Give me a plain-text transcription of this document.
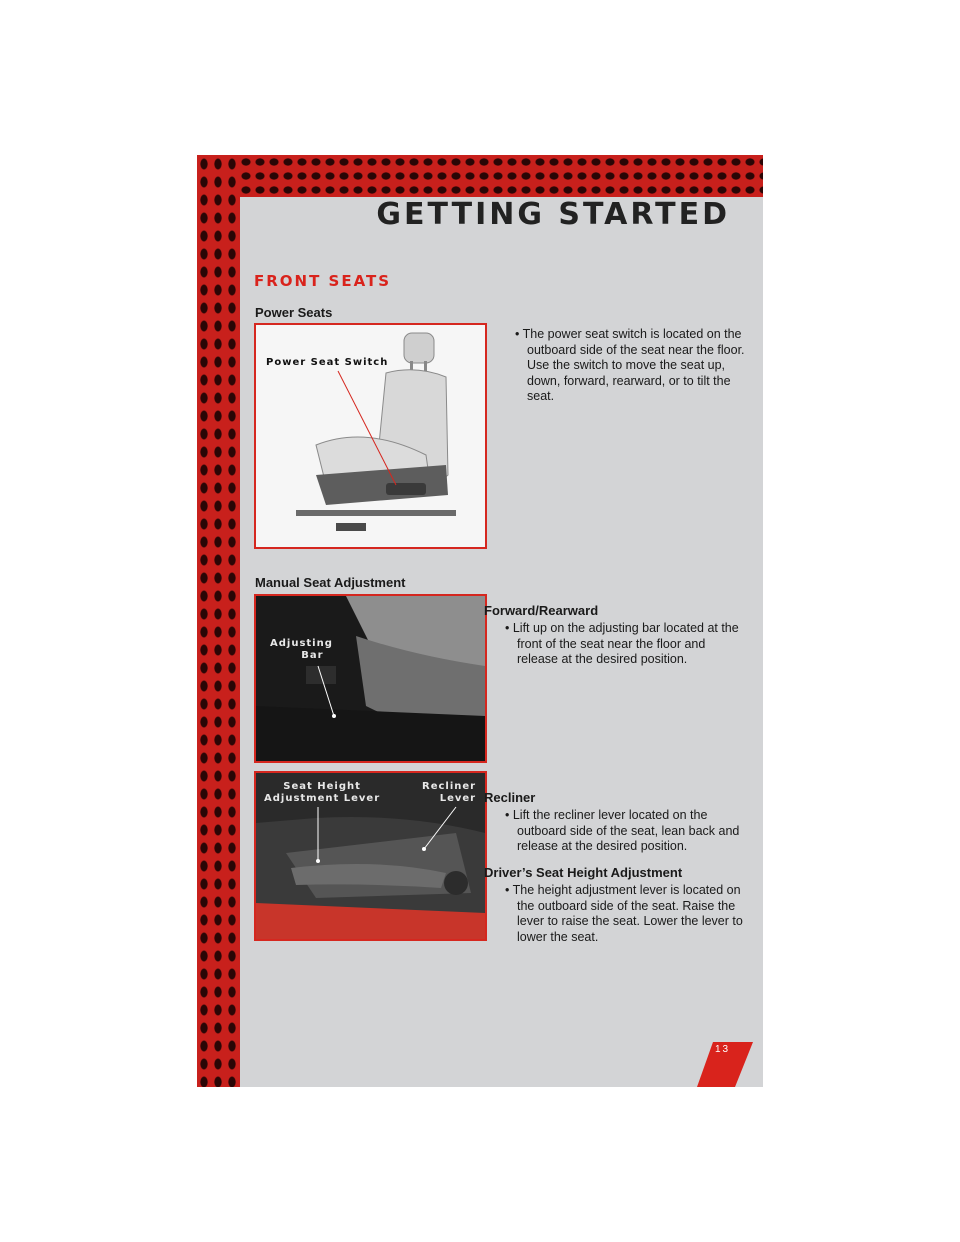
GETTING STARTED
FRONT SEATS
Power Seats
Power Seat Switch
• The power seat switch is located on the outboard side of the seat near the floor. Use the switch to move the seat up, down, forward, rearward, or to tilt the seat.
Manual Seat Adjustment
Adjusting
Bar
Forward/Rearward
• Lift up on the adjusting bar located at the front of the seat near the floor and release at the desired position.
Seat Height
Adjustment Lever
Recliner
Lever Recliner
• Lift the recliner lever located on the outboard side of the seat, lean back and release at the desired position.
Driver’s Seat Height Adjustment
• The height adjustment lever is located on the outboard side of the seat. Raise the lever to raise the seat. Lower the lever to lower the seat.
13
